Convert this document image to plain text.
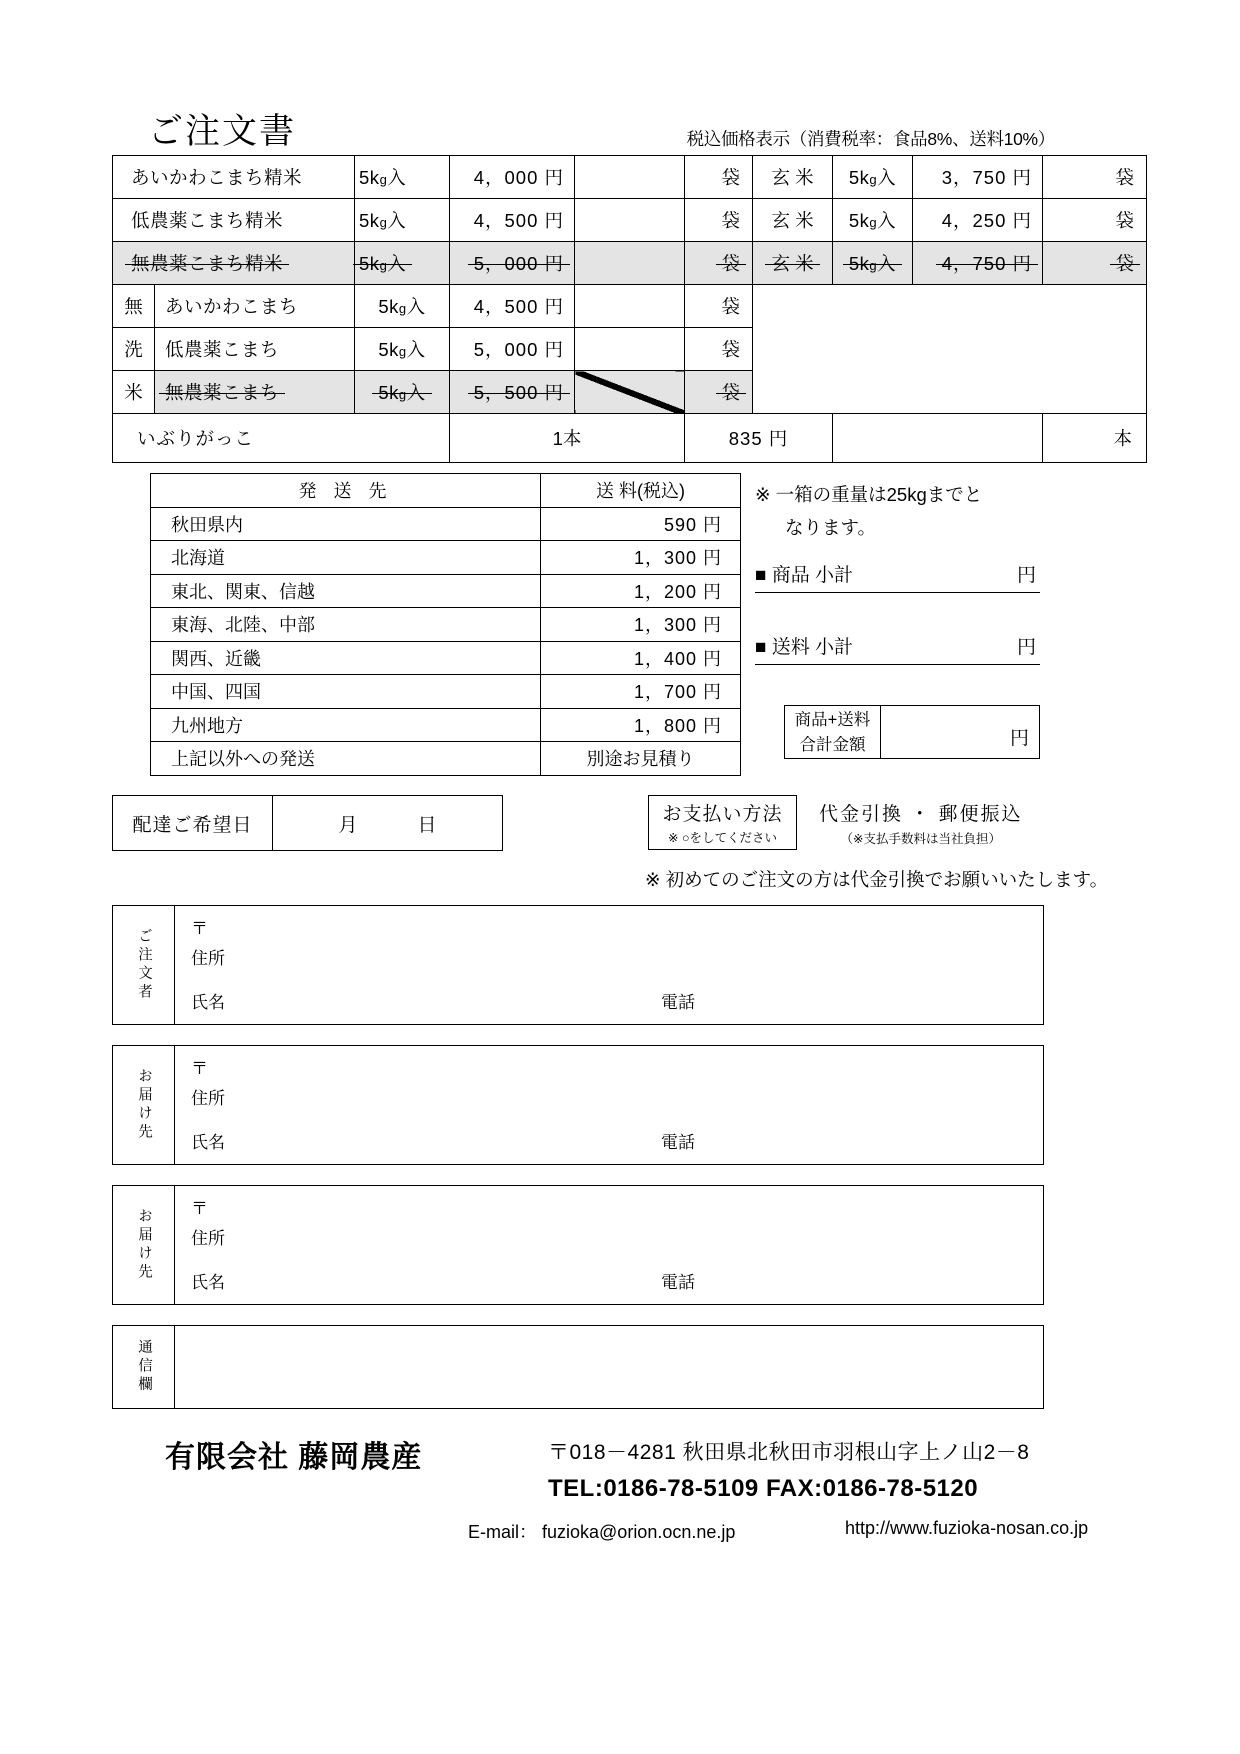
ご注文書	税込価格表示（消費税率：食品8%、送料10%）
あいかわこまち精米		5kg入	4，000 円		袋	玄 米	5kg入	3，750 円	袋
低農薬こまち精米		5kg入	4，500 円		袋	玄 米	5kg入	4，250 円	袋
無農薬こまち精米		5kg入	5，000 円		袋	玄 米	5kg入	4，750 円	袋
無	あいかわこまち	5kg入	4，500 円		袋				
洗	低農薬こまち	5kg入	5，000 円		袋				
米	無農薬こまち	5kg入	5，500 円		袋				
いぶりがっこ			1本		835 円				本
発 送 先	送 料(税込)
秋田県内	590 円
北海道	1，300 円
東北、関東、信越	1，200 円
東海、北陸、中部	1，300 円
関西、近畿	1，400 円
中国、四国	1，700 円
九州地方	1，800 円
上記以外への発送	別途お見積り
※ 一箱の重量は25kgまでと
なります。
■ 商品 小計	円
■ 送料 小計	円
商品+送料
合計金額	円
配達ご希望日	月	日	お支払い方法
※ ○をしてください

代金引換 ・ 郵便振込
（※支払手数料は当社負担）
※ 初めてのご注文の方は代金引換でお願いいたします。
ご注文者 〒
住所
氏名	電話
お届け先 〒
住所
氏名	電話
お届け先 〒
住所
氏名	電話
通信欄
有限会社 藤岡農産	〒018－4281 秋田県北秋田市羽根山字上ノ山2－8
TEL:0186-78-5109 FAX:0186-78-5120
E-mail： fuzioka@orion.ocn.ne.jp	http://www.fuzioka-nosan.co.jp
